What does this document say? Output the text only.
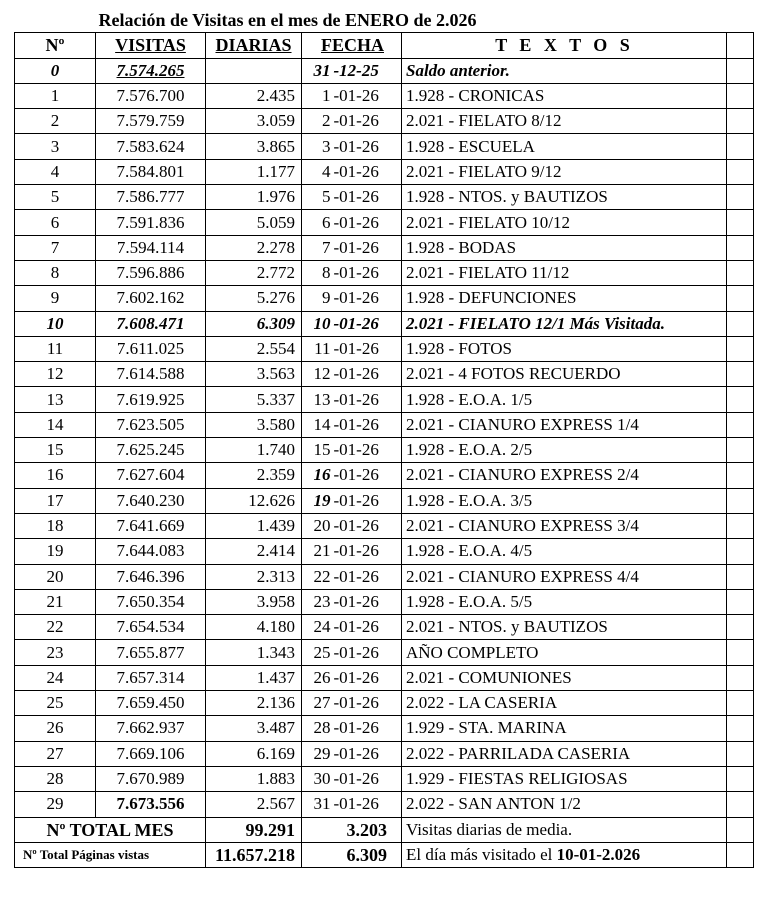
	Relación de Visitas en el mes de ENERO de 2.026					
Nº	VISITAS	DIARIAS	FECHA		T E X T O S	
0	7.574.265		31	-12-25	Saldo anterior.	
1	7.576.700	2.435	1	-01-26	1.928 - CRONICAS	
2	7.579.759	3.059	2	-01-26	2.021 - FIELATO 8/12	
3	7.583.624	3.865	3	-01-26	1.928 - ESCUELA	
4	7.584.801	1.177	4	-01-26	2.021 - FIELATO 9/12	
5	7.586.777	1.976	5	-01-26	1.928 - NTOS. y BAUTIZOS	
6	7.591.836	5.059	6	-01-26	2.021 - FIELATO 10/12	
7	7.594.114	2.278	7	-01-26	1.928 - BODAS	
8	7.596.886	2.772	8	-01-26	2.021 - FIELATO 11/12	
9	7.602.162	5.276	9	-01-26	1.928 - DEFUNCIONES	
10	7.608.471	6.309	10	-01-26	2.021 - FIELATO 12/1 Más Visitada.	
11	7.611.025	2.554	11	-01-26	1.928 - FOTOS	
12	7.614.588	3.563	12	-01-26	2.021 - 4 FOTOS RECUERDO	
13	7.619.925	5.337	13	-01-26	1.928 - E.O.A. 1/5	
14	7.623.505	3.580	14	-01-26	2.021 - CIANURO EXPRESS 1/4	
15	7.625.245	1.740	15	-01-26	1.928 - E.O.A. 2/5	
16	7.627.604	2.359	16	-01-26	2.021 - CIANURO EXPRESS 2/4	
17	7.640.230	12.626	19	-01-26	1.928 - E.O.A. 3/5	
18	7.641.669	1.439	20	-01-26	2.021 - CIANURO EXPRESS 3/4	
19	7.644.083	2.414	21	-01-26	1.928 - E.O.A. 4/5	
20	7.646.396	2.313	22	-01-26	2.021 - CIANURO EXPRESS 4/4	
21	7.650.354	3.958	23	-01-26	1.928 - E.O.A. 5/5	
22	7.654.534	4.180	24	-01-26	2.021 - NTOS. y BAUTIZOS	
23	7.655.877	1.343	25	-01-26	AÑO COMPLETO	
24	7.657.314	1.437	26	-01-26	2.021 - COMUNIONES	
25	7.659.450	2.136	27	-01-26	2.022 - LA CASERIA	
26	7.662.937	3.487	28	-01-26	1.929 - STA. MARINA	
27	7.669.106	6.169	29	-01-26	2.022 - PARRILADA CASERIA	
28	7.670.989	1.883	30	-01-26	1.929 - FIESTAS RELIGIOSAS	
29	7.673.556	2.567	31	-01-26	2.022 - SAN ANTON 1/2	
Nº TOTAL MES		99.291	3.203		Visitas diarias de media.	
Nº Total Páginas vistas		11.657.218	6.309		El día más visitado el 10-01-2.026	
